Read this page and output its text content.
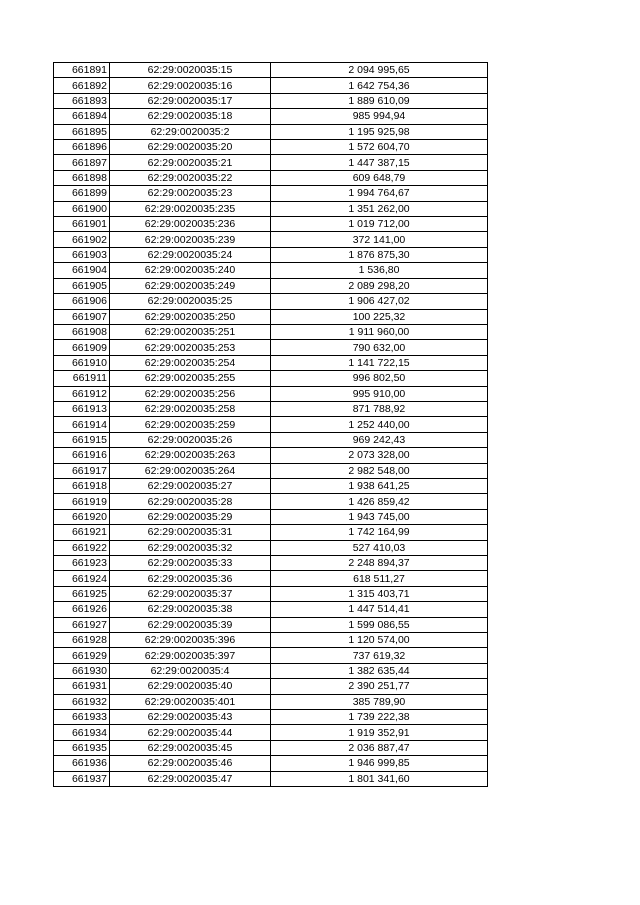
661891	62:29:0020035:15	2 094 995,65
661892	62:29:0020035:16	1 642 754,36
661893	62:29:0020035:17	1 889 610,09
661894	62:29:0020035:18	985 994,94
661895	62:29:0020035:2	1 195 925,98
661896	62:29:0020035:20	1 572 604,70
661897	62:29:0020035:21	1 447 387,15
661898	62:29:0020035:22	609 648,79
661899	62:29:0020035:23	1 994 764,67
661900	62:29:0020035:235	1 351 262,00
661901	62:29:0020035:236	1 019 712,00
661902	62:29:0020035:239	372 141,00
661903	62:29:0020035:24	1 876 875,30
661904	62:29:0020035:240	1 536,80
661905	62:29:0020035:249	2 089 298,20
661906	62:29:0020035:25	1 906 427,02
661907	62:29:0020035:250	100 225,32
661908	62:29:0020035:251	1 911 960,00
661909	62:29:0020035:253	790 632,00
661910	62:29:0020035:254	1 141 722,15
661911	62:29:0020035:255	996 802,50
661912	62:29:0020035:256	995 910,00
661913	62:29:0020035:258	871 788,92
661914	62:29:0020035:259	1 252 440,00
661915	62:29:0020035:26	969 242,43
661916	62:29:0020035:263	2 073 328,00
661917	62:29:0020035:264	2 982 548,00
661918	62:29:0020035:27	1 938 641,25
661919	62:29:0020035:28	1 426 859,42
661920	62:29:0020035:29	1 943 745,00
661921	62:29:0020035:31	1 742 164,99
661922	62:29:0020035:32	527 410,03
661923	62:29:0020035:33	2 248 894,37
661924	62:29:0020035:36	618 511,27
661925	62:29:0020035:37	1 315 403,71
661926	62:29:0020035:38	1 447 514,41
661927	62:29:0020035:39	1 599 086,55
661928	62:29:0020035:396	1 120 574,00
661929	62:29:0020035:397	737 619,32
661930	62:29:0020035:4	1 382 635,44
661931	62:29:0020035:40	2 390 251,77
661932	62:29:0020035:401	385 789,90
661933	62:29:0020035:43	1 739 222,38
661934	62:29:0020035:44	1 919 352,91
661935	62:29:0020035:45	2 036 887,47
661936	62:29:0020035:46	1 946 999,85
661937	62:29:0020035:47	1 801 341,60
